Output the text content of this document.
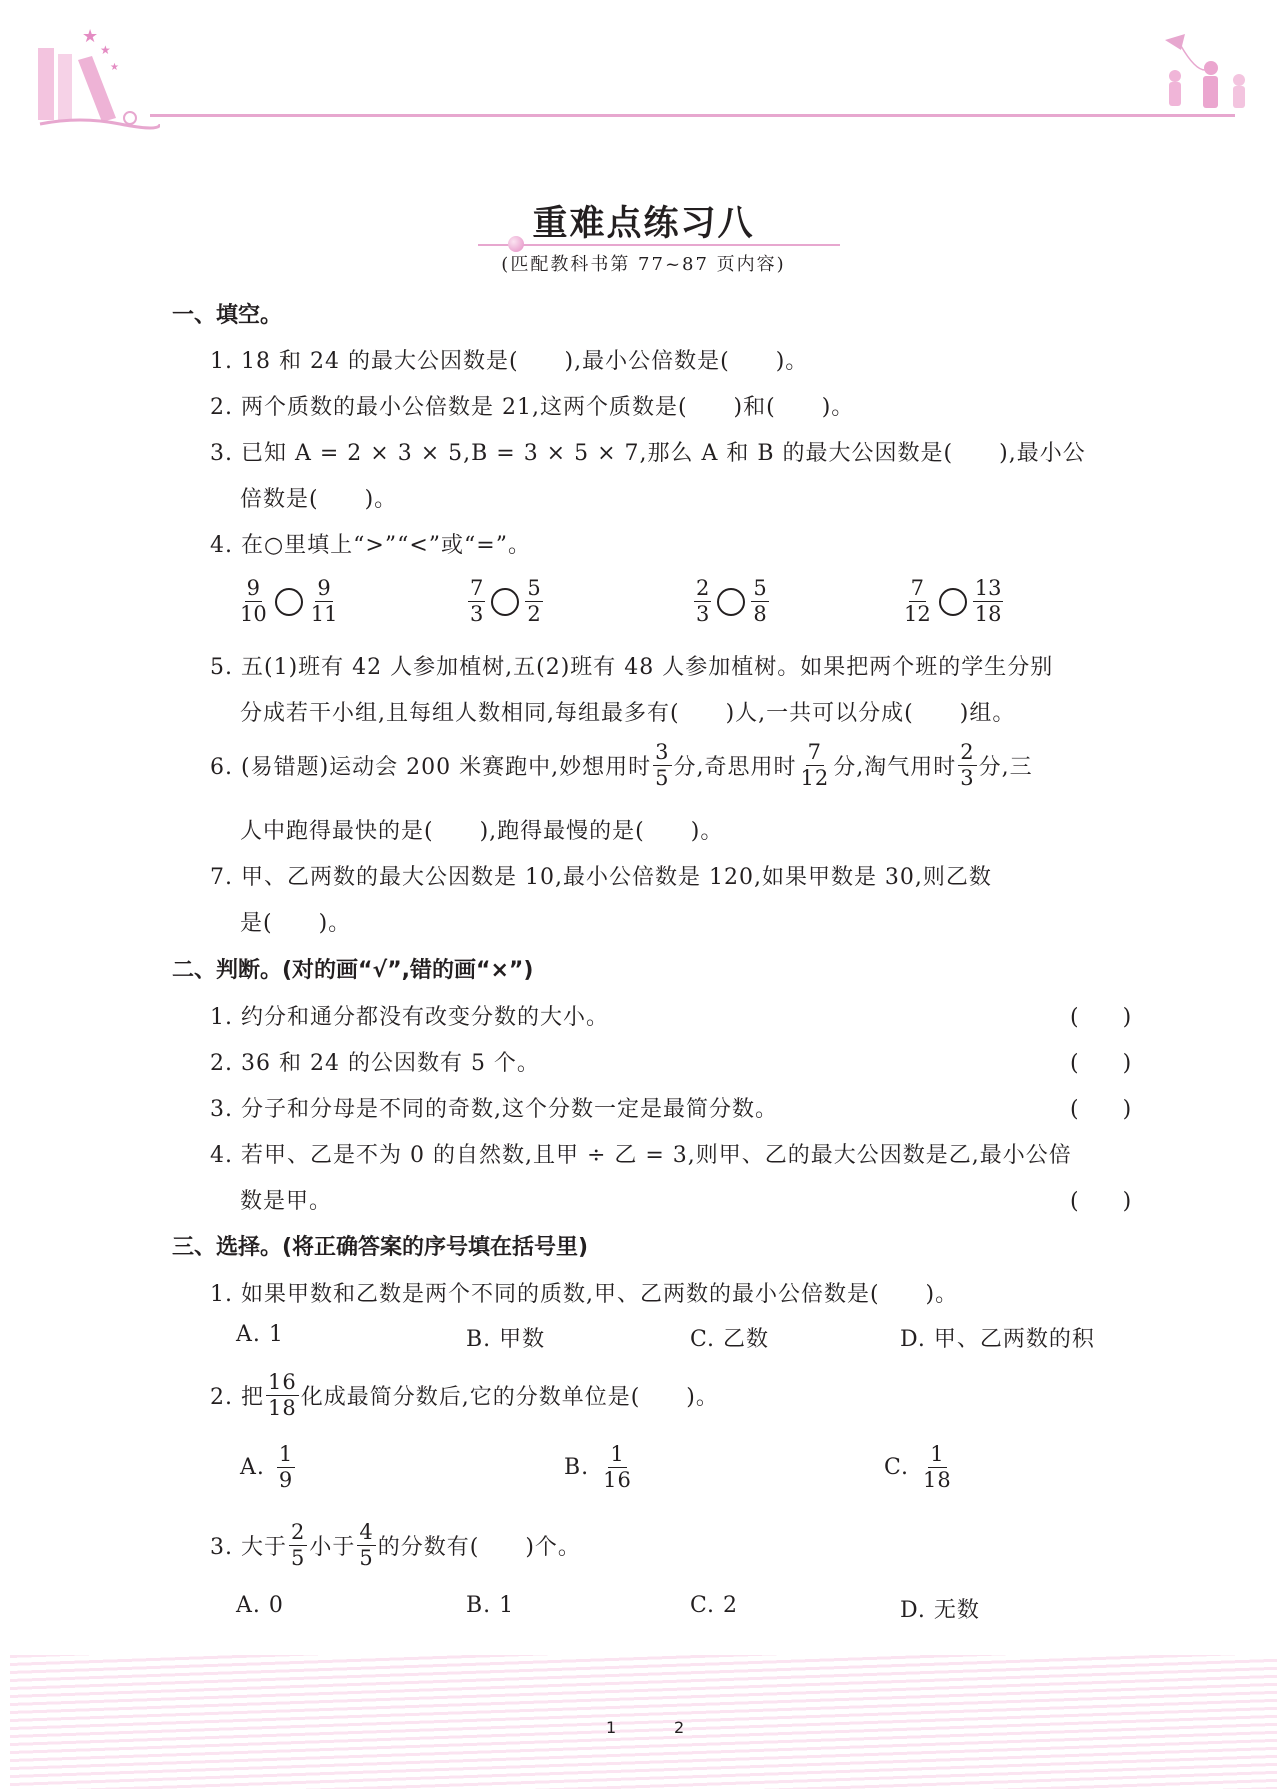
★
★
★
重难点练习八
(匹配教科书第 77~87 页内容)
一、填空。
1. 18 和 24 的最大公因数是(　　),最小公倍数是(　　)。
2. 两个质数的最小公倍数是 21,这两个质数是(　　)和(　　)。
3. 已知 A = 2 × 3 × 5,B = 3 × 5 × 7,那么 A 和 B 的最大公因数是(　　),最小公
倍数是(　　)。
4. 在○里填上“>”“<”或“=”。
$\frac{9}{10} \frac{9}{11}$	$\frac{7}{3} \frac{5}{2}$	$\frac{2}{3} \frac{5}{8}$	$\frac{7}{12} \frac{13}{18}$
5. 五(1)班有 42 人参加植树,五(2)班有 48 人参加植树。如果把两个班的学生分别
分成若干小组,且每组人数相同,每组最多有(　　)人,一共可以分成(　　)组。
6. (易错题)运动会 200 米赛跑中,妙想用时 $\frac{3}{5}$ 分,奇思用时 $\frac{7}{12}$ 分,淘气用时 $\frac{2}{3}$ 分,三
人中跑得最快的是(　　),跑得最慢的是(　　)。
7. 甲、乙两数的最大公因数是 10,最小公倍数是 120,如果甲数是 30,则乙数
是(　　)。
二、判断。(对的画“√”,错的画“×”)
1. 约分和通分都没有改变分数的大小。	(　　)
2. 36 和 24 的公因数有 5 个。	(　　)
3. 分子和分母是不同的奇数,这个分数一定是最简分数。	(　　)
4. 若甲、乙是不为 0 的自然数,且甲 ÷ 乙 = 3,则甲、乙的最大公因数是乙,最小公倍
数是甲。	(　　)
三、选择。(将正确答案的序号填在括号里)
1. 如果甲数和乙数是两个不同的质数,甲、乙两数的最小公倍数是(　　)。
A. 1	B. 甲数	C. 乙数	D. 甲、乙两数的积
2. 把 $\frac{16}{18}$ 化成最简分数后,它的分数单位是(　　)。
A. $\frac{1}{9}$	B. $\frac{1}{16}$	C. $\frac{1}{18}$
3. 大于 $\frac{2}{5}$ 小于 $\frac{4}{5}$ 的分数有(　　)个。
A. 0	B. 1	C. 2	D. 无数
1	2
